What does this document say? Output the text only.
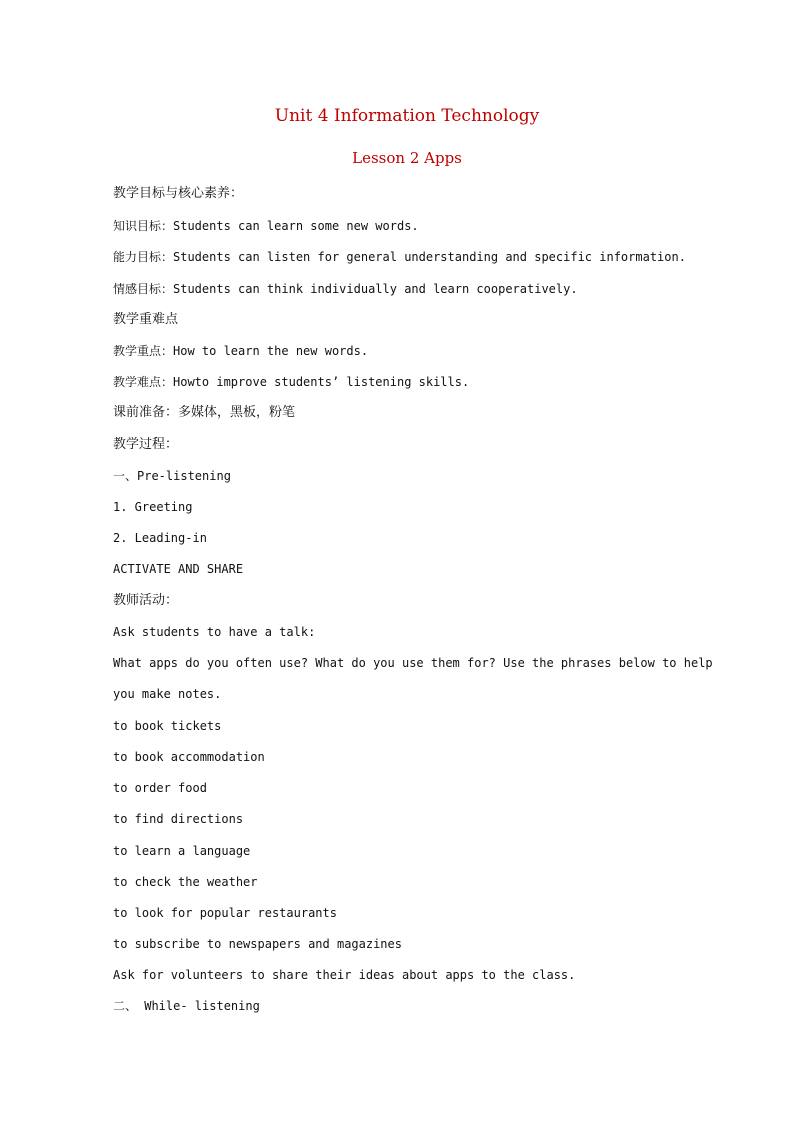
Unit 4 Information Technology
Lesson 2 Apps
教学目标与核心素养：
知识目标：Students can learn some new words.
能力目标：Students can listen for general understanding and specific information.
情感目标：Students can think individually and learn cooperatively.
教学重难点
教学重点：How to learn the new words.
教学难点：Howto improve students’ listening skills.
课前准备：多媒体，黑板，粉笔
教学过程：
一、Pre-listening
1. Greeting
2. Leading-in
ACTIVATE AND SHARE
教师活动：
Ask students to have a talk:
What apps do you often use? What do you use them for? Use the phrases below to help you make notes.
to book tickets
to book accommodation
to order food
to find directions
to learn a language
to check the weather
to look for popular restaurants
to subscribe to newspapers and magazines
Ask for volunteers to share their ideas about apps to the class.
二、 While- listening
